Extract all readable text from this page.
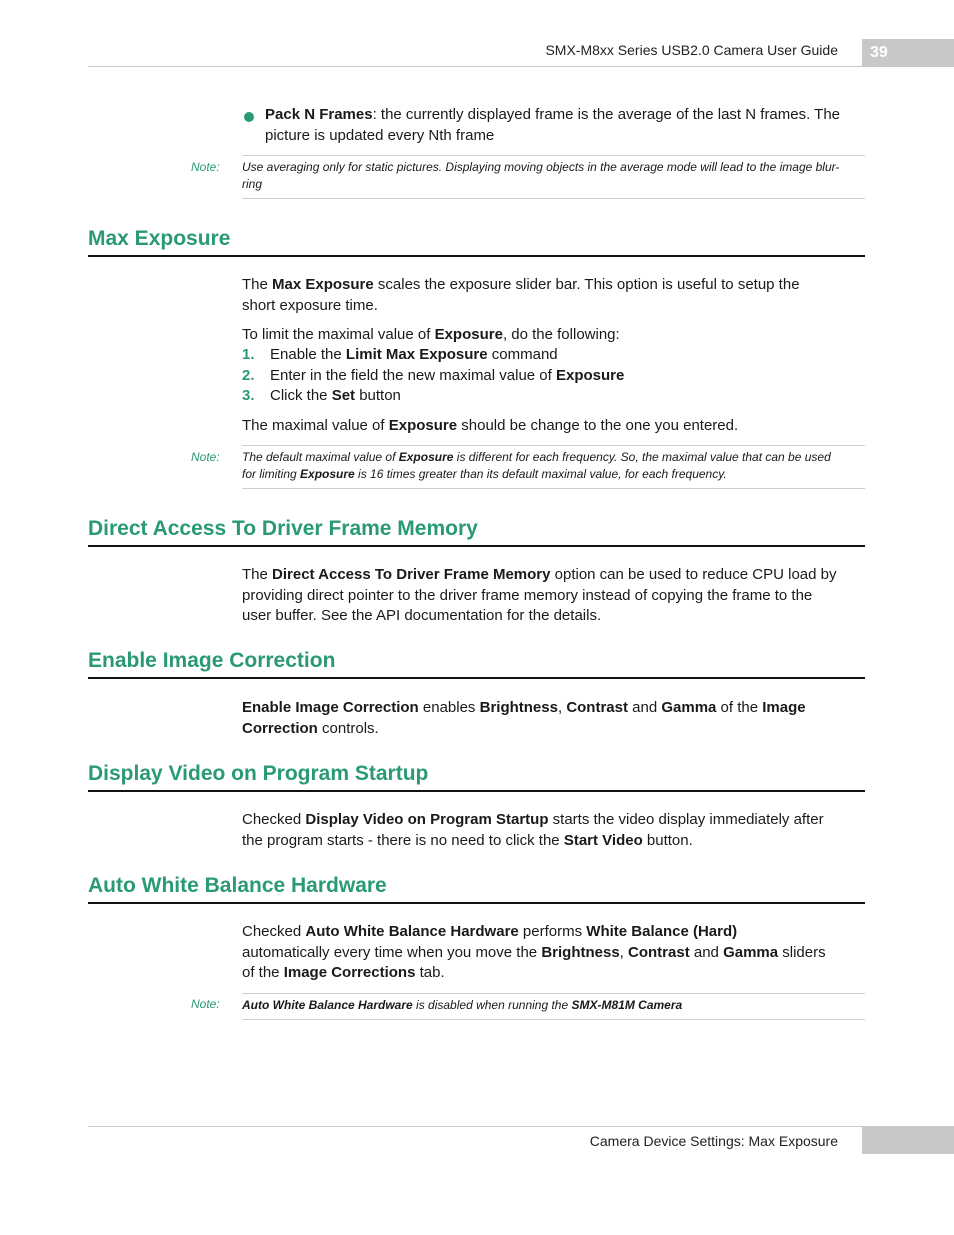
SMX-M8xx Series USB2.0 Camera User Guide	39
Pack N Frames: the currently displayed frame is the average of the last N frames. The
picture is updated every Nth frame
Note: Use averaging only for static pictures. Displaying moving objects in the average mode will lead to the image blur-
ring
Max Exposure
The Max Exposure scales the exposure slider bar. This option is useful to setup the
short exposure time.
To limit the maximal value of Exposure, do the following:
1. Enable the Limit Max Exposure command
2. Enter in the field the new maximal value of Exposure
3. Click the Set button
The maximal value of Exposure should be change to the one you entered.
Note: The default maximal value of Exposure is different for each frequency. So, the maximal value that can be used
for limiting Exposure is 16 times greater than its default maximal value, for each frequency.
Direct Access To Driver Frame Memory
The Direct Access To Driver Frame Memory option can be used to reduce CPU load by
providing direct pointer to the driver frame memory instead of copying the frame to the
user buffer. See the API documentation for the details.
Enable Image Correction
Enable Image Correction enables Brightness, Contrast and Gamma of the Image
Correction controls.
Display Video on Program Startup
Checked Display Video on Program Startup starts the video display immediately after
the program starts - there is no need to click the Start Video button.
Auto White Balance Hardware
Checked Auto White Balance Hardware performs White Balance (Hard)
automatically every time when you move the Brightness, Contrast and Gamma sliders
of the Image Corrections tab.
Note: Auto White Balance Hardware is disabled when running the SMX-M81M Camera
Camera Device Settings: Max Exposure
